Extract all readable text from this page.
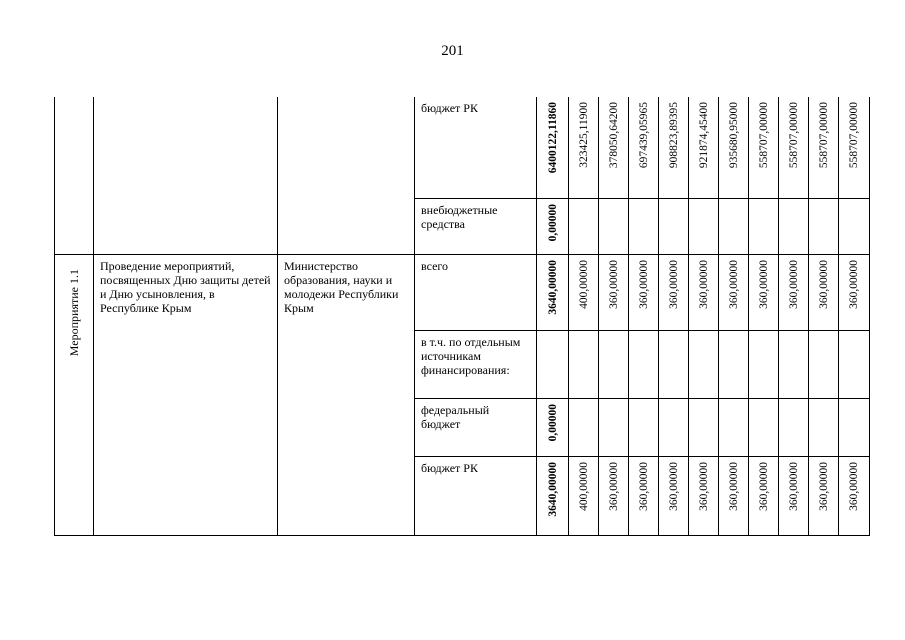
201

			бюджет РК	6400122,11860	323425,11900	378050,64200	697439,05965	908823,89395	921874,45400	935680,95000	558707,00000	558707,00000	558707,00000	558707,00000

			внебюджетные средства	0,00000										

Мероприятие 1.1	Проведение мероприятий, посвященных Дню защиты детей и Дню усыновления, в Республике Крым	Министерство образования, науки и молодежи Республики Крым	всего	3640,00000	400,00000	360,00000	360,00000	360,00000	360,00000	360,00000	360,00000	360,00000	360,00000	360,00000

			в т.ч. по отдельным источникам финансирования:											

			федеральный бюджет	0,00000										

			бюджет РК	3640,00000	400,00000	360,00000	360,00000	360,00000	360,00000	360,00000	360,00000	360,00000	360,00000	360,00000
